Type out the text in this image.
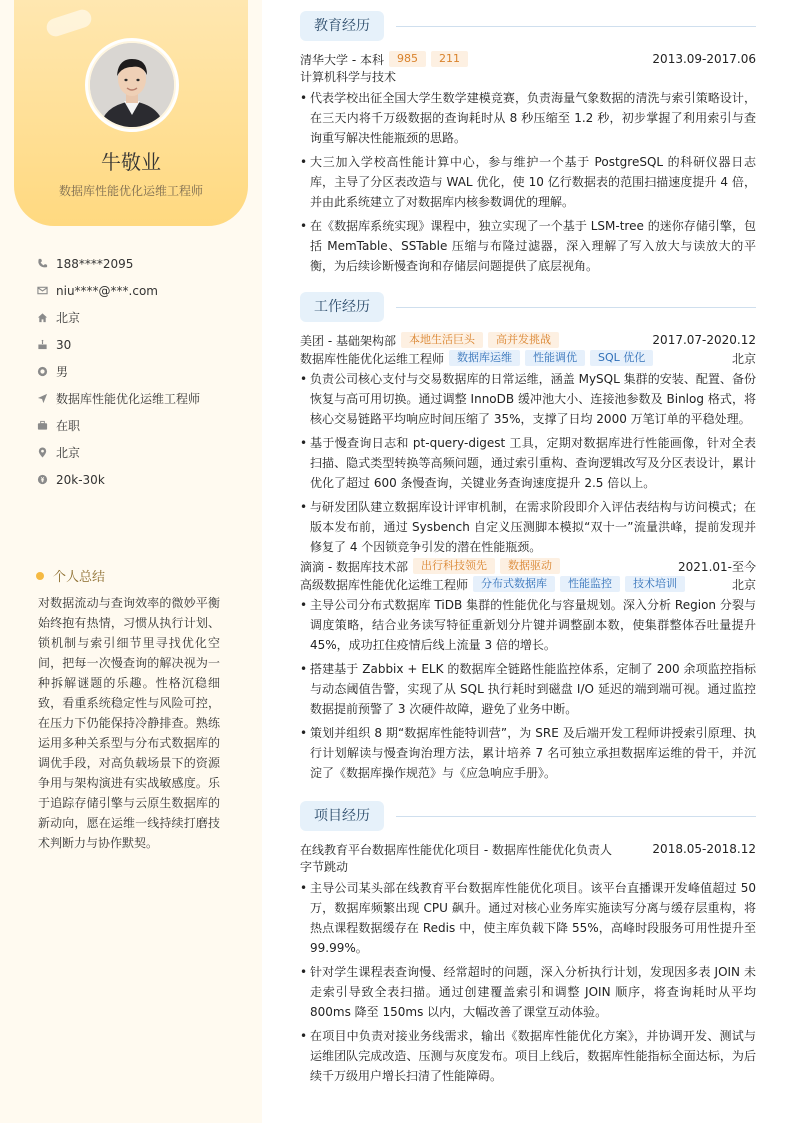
牛敬业
数据库性能优化运维工程师
188****2095
niu****@***.com
北京
30
男
数据库性能优化运维工程师
在职
北京
20k-30k
个人总结
对数据流动与查询效率的微妙平衡始终抱有热情，习惯从执行计划、锁机制与索引细节里寻找优化空间，把每一次慢查询的解决视为一种拆解谜题的乐趣。性格沉稳细致，看重系统稳定性与风险可控，在压力下仍能保持冷静排查。熟练运用多种关系型与分布式数据库的调优手段，对高负载场景下的资源争用与架构演进有实战敏感度。乐于追踪存储引擎与云原生数据库的新动向，愿在运维一线持续打磨技术判断力与协作默契。
教育经历
清华大学 - 本科	985	211	2013.09-2017.06
计算机科学与技术
• 代表学校出征全国大学生数学建模竞赛，负责海量气象数据的清洗与索引策略设计，在三天内将千万级数据的查询耗时从 8 秒压缩至 1.2 秒，初步掌握了利用索引与查询重写解决性能瓶颈的思路。
• 大三加入学校高性能计算中心，参与维护一个基于 PostgreSQL 的科研仪器日志库，主导了分区表改造与 WAL 优化，使 10 亿行数据表的范围扫描速度提升 4 倍，并由此系统建立了对数据库内核参数调优的理解。
• 在《数据库系统实现》课程中，独立实现了一个基于 LSM-tree 的迷你存储引擎，包括 MemTable、SSTable 压缩与布隆过滤器，深入理解了写入放大与读放大的平衡，为后续诊断慢查询和存储层问题提供了底层视角。
工作经历
美团 - 基础架构部	本地生活巨头	高并发挑战	2017.07-2020.12
数据库性能优化运维工程师	数据库运维	性能调优	SQL 优化	北京
• 负责公司核心支付与交易数据库的日常运维，涵盖 MySQL 集群的安装、配置、备份恢复与高可用切换。通过调整 InnoDB 缓冲池大小、连接池参数及 Binlog 格式，将核心交易链路平均响应时间压缩了 35%，支撑了日均 2000 万笔订单的平稳处理。
• 基于慢查询日志和 pt-query-digest 工具，定期对数据库进行性能画像，针对全表扫描、隐式类型转换等高频问题，通过索引重构、查询逻辑改写及分区表设计，累计优化了超过 600 条慢查询，关键业务查询速度提升 2.5 倍以上。
• 与研发团队建立数据库设计评审机制，在需求阶段即介入评估表结构与访问模式；在版本发布前，通过 Sysbench 自定义压测脚本模拟“双十一”流量洪峰，提前发现并修复了 4 个因锁竞争引发的潜在性能瓶颈。
滴滴 - 数据库技术部	出行科技领先	数据驱动	2021.01-至今
高级数据库性能优化运维工程师	分布式数据库	性能监控	技术培训	北京
• 主导公司分布式数据库 TiDB 集群的性能优化与容量规划。深入分析 Region 分裂与调度策略，结合业务读写特征重新划分片键并调整副本数，使集群整体吞吐量提升 45%，成功扛住疫情后线上流量 3 倍的增长。
• 搭建基于 Zabbix + ELK 的数据库全链路性能监控体系，定制了 200 余项监控指标与动态阈值告警，实现了从 SQL 执行耗时到磁盘 I/O 延迟的端到端可视。通过监控数据提前预警了 3 次硬件故障，避免了业务中断。
• 策划并组织 8 期“数据库性能特训营”，为 SRE 及后端开发工程师讲授索引原理、执行计划解读与慢查询治理方法，累计培养 7 名可独立承担数据库运维的骨干，并沉淀了《数据库操作规范》与《应急响应手册》。
项目经历
在线教育平台数据库性能优化项目 - 数据库性能优化负责人	2018.05-2018.12
字节跳动
• 主导公司某头部在线教育平台数据库性能优化项目。该平台直播课开发峰值超过 50 万，数据库频繁出现 CPU 飙升。通过对核心业务库实施读写分离与缓存层重构，将热点课程数据缓存在 Redis 中，使主库负载下降 55%，高峰时段服务可用性提升至 99.99%。
• 针对学生课程表查询慢、经常超时的问题，深入分析执行计划，发现因多表 JOIN 未走索引导致全表扫描。通过创建覆盖索引和调整 JOIN 顺序，将查询耗时从平均 800ms 降至 150ms 以内，大幅改善了课堂互动体验。
• 在项目中负责对接业务线需求，输出《数据库性能优化方案》，并协调开发、测试与运维团队完成改造、压测与灰度发布。项目上线后，数据库性能指标全面达标，为后续千万级用户增长扫清了性能障碍。
